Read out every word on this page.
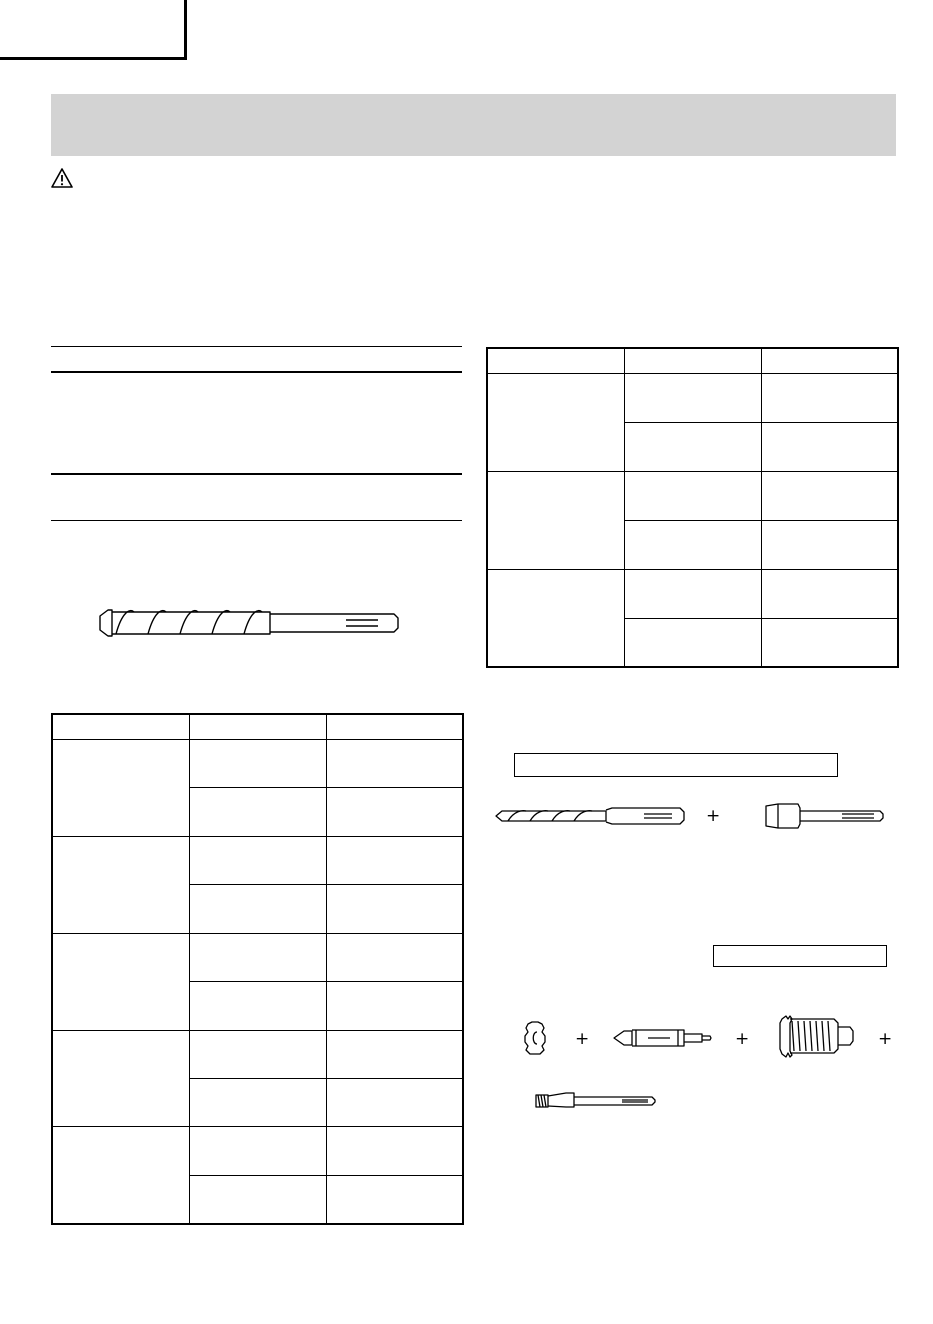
+
+	+	+
